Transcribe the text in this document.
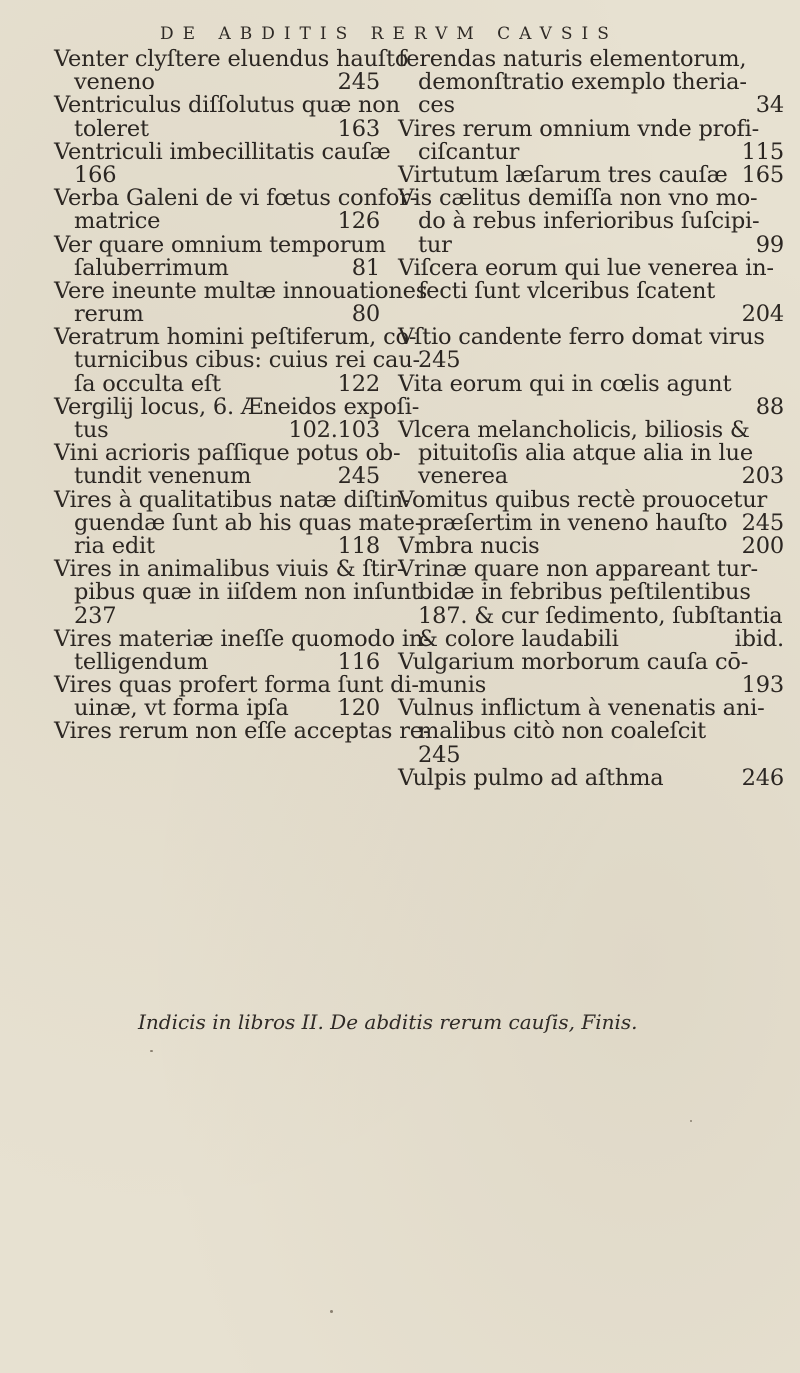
DE ABDITIS RERVM CAVSIS
Venter clyſtere eluendus hauſto
veneno	245
Ventriculus diſſolutus quæ non
toleret	163
Ventriculi imbecillitatis cauſæ
166
Verba Galeni de vi fœtus confor-
matrice	126
Ver quare omnium temporum
ſaluberrimum	81
Vere ineunte multæ innouationes
rerum	80
Veratrum homini peſtiferum, co-
turnicibus cibus: cuius rei cau-
ſa occulta eſt	122
Vergilij locus, 6. Æneidos expoſi-
tus	102.103
Vini acrioris paſſique potus ob-
tundit venenum	245
Vires à qualitatibus natæ diſtin-
guendæ ſunt ab his quas mate-
ria edit	118
Vires in animalibus viuis & ſtir-
pibus quæ in iiſdem non inſunt
237
Vires materiæ ineſſe quomodo in-
telligendum	116
Vires quas profert forma ſunt di-
uinæ, vt forma ipſa 120
Vires rerum non eſſe acceptas re-
ferendas naturis elementorum,
demonſtratio exemplo theria-
ces	34
Vires rerum omnium vnde profi-
ciſcantur	115
Virtutum læſarum tres cauſæ 165
Vis cælitus demiſſa non vno mo-
do à rebus inferioribus ſuſcipi-
tur	99
Viſcera eorum qui lue venerea in-
fecti ſunt vlceribus ſcatent
204
Vſtio candente ferro domat virus
245
Vita eorum qui in cœlis agunt
88
Vlcera melancholicis, biliosis &
pituitoſis alia atque alia in lue
venerea	203
Vomitus quibus rectè prouocetur
præſertim in veneno hauſto 245
Vmbra nucis	200
Vrinæ quare non appareant tur-
bidæ in febribus peſtilentibus
187. & cur ſedimento, ſubſtantia
& colore laudabili	ibid.
Vulgarium morborum cauſa cō-
munis	193
Vulnus inflictum à venenatis ani-
malibus citò non coaleſcit
245
Vulpis pulmo ad aſthma	246
Indicis in libros II. De abditis rerum cauſis, Finis.
